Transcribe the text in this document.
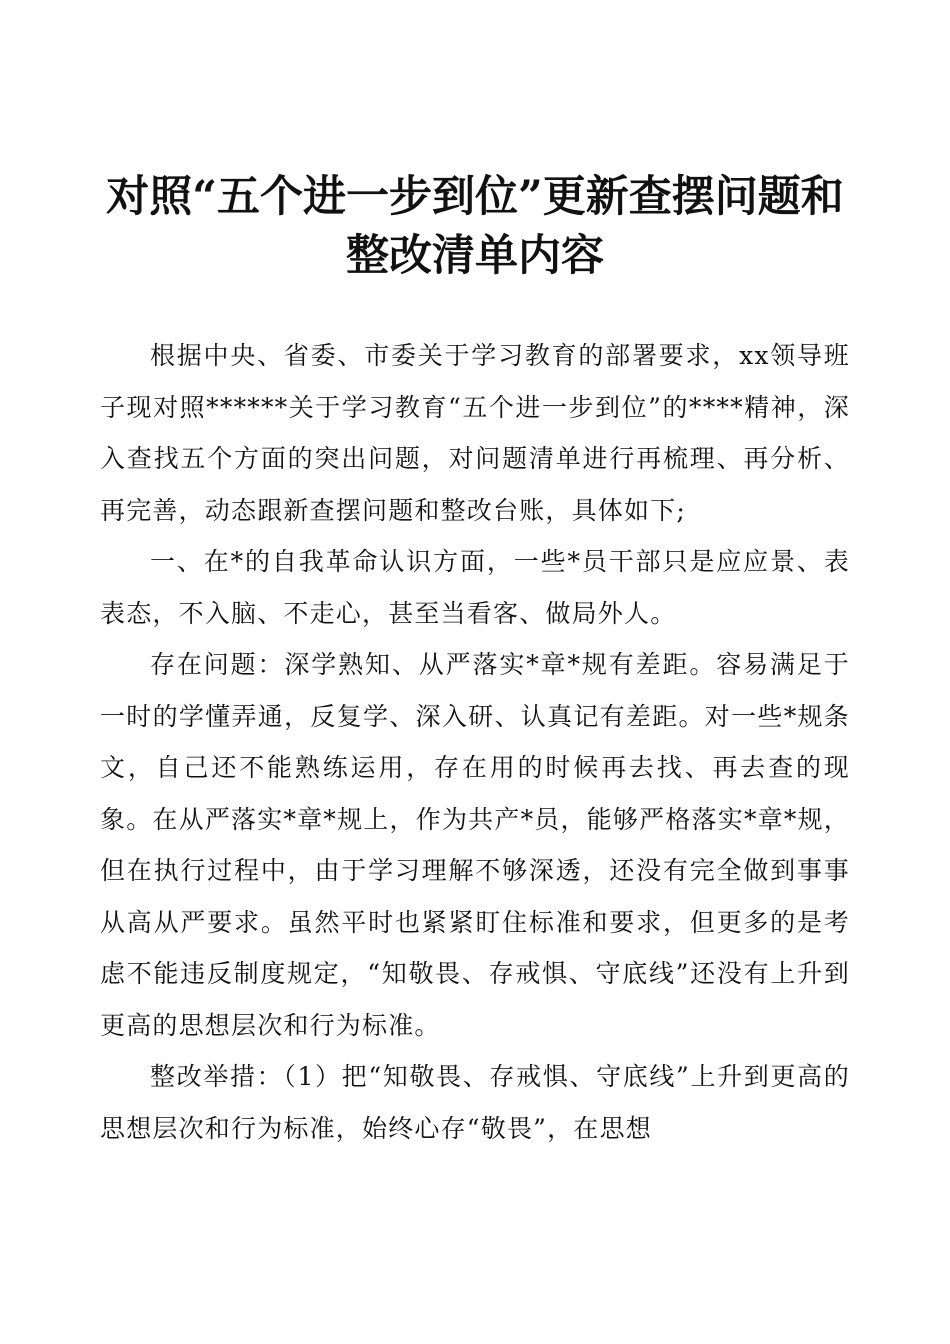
对照“五个进一步到位”更新查摆问题和
整改清单内容

根据中央、省委、市委关于学习教育的部署要求，xx领导班子现对照******关于学习教育“五个进一步到位”的****精神，深入查找五个方面的突出问题，对问题清单进行再梳理、再分析、再完善，动态跟新查摆问题和整改台账，具体如下;

一、在*的自我革命认识方面，一些*员干部只是应应景、表表态，不入脑、不走心，甚至当看客、做局外人。

存在问题：深学熟知、从严落实*章*规有差距。容易满足于一时的学懂弄通，反复学、深入研、认真记有差距。对一些*规条文，自己还不能熟练运用，存在用的时候再去找、再去查的现象。在从严落实*章*规上，作为共产*员，能够严格落实*章*规，但在执行过程中，由于学习理解不够深透，还没有完全做到事事从高从严要求。虽然平时也紧紧盯住标准和要求，但更多的是考虑不能违反制度规定，“知敬畏、存戒惧、守底线”还没有上升到更高的思想层次和行为标准。

整改举措：（1）把“知敬畏、存戒惧、守底线”上升到更高的思想层次和行为标准，始终心存“敬畏”，在思想
